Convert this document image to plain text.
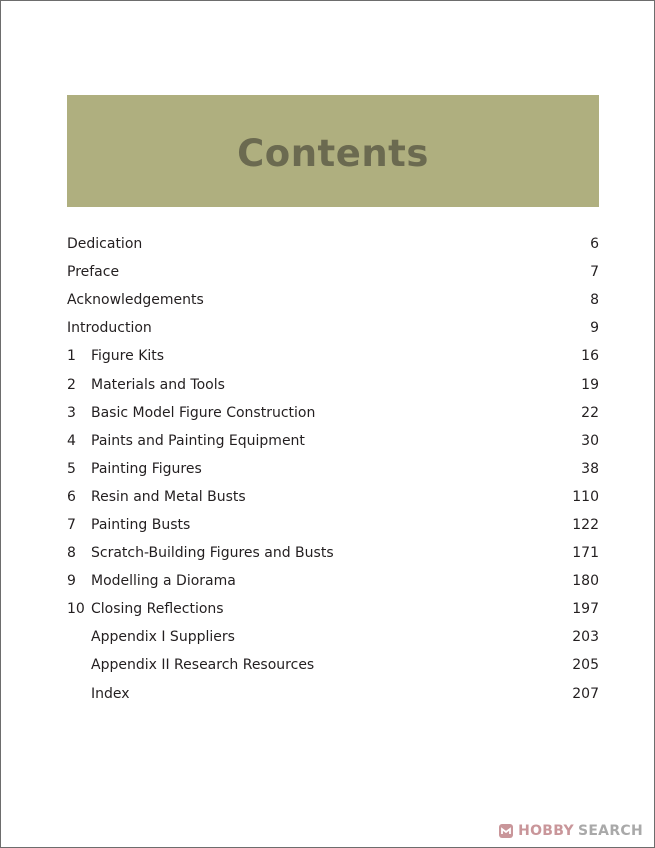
Contents
Dedication	6
Preface	7
Acknowledgements	8
Introduction	9
1	Figure Kits	16
2	Materials and Tools	19
3	Basic Model Figure Construction	22
4	Paints and Painting Equipment	30
5	Painting Figures	38
6	Resin and Metal Busts	110
7	Painting Busts	122
8	Scratch-Building Figures and Busts	171
9	Modelling a Diorama	180
10 Closing Reflections	197
Appendix I Suppliers	203
Appendix II Research Resources	205
Index	207
HOBBY SEARCH
